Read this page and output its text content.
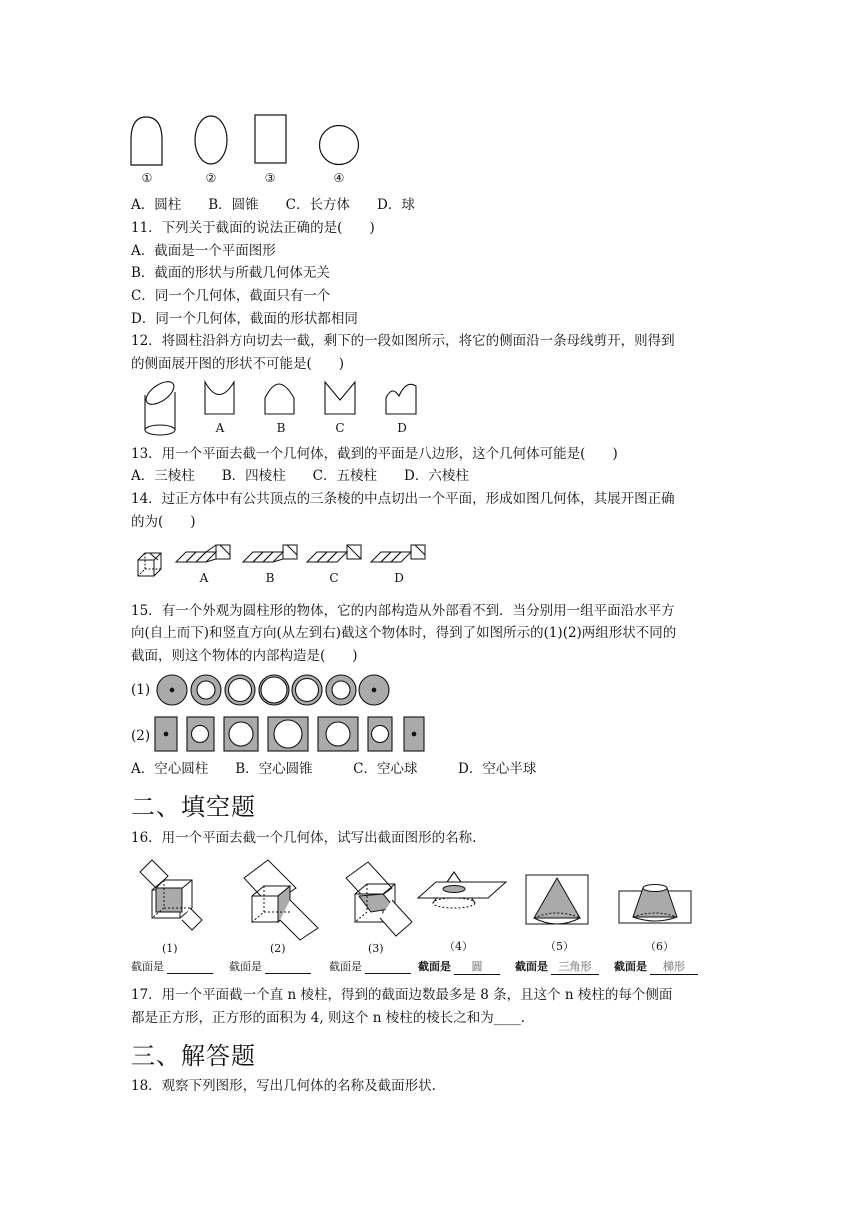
①	②	③	④
A．圆柱　　B．圆锥　　C．长方体　　D．球
11．下列关于截面的说法正确的是(　　)
A．截面是一个平面图形
B．截面的形状与所截几何体无关
C．同一个几何体，截面只有一个
D．同一个几何体，截面的形状都相同
12．将圆柱沿斜方向切去一截，剩下的一段如图所示，将它的侧面沿一条母线剪开，则得到
的侧面展开图的形状不可能是(　　)
A	B	C	D
13．用一个平面去截一个几何体，截到的平面是八边形，这个几何体可能是(　　)
A．三棱柱　　B．四棱柱　　C．五棱柱　　D．六棱柱
14．过正方体中有公共顶点的三条棱的中点切出一个平面，形成如图几何体，其展开图正确
的为(　　)
A	B	C	D
15．有一个外观为圆柱形的物体，它的内部构造从外部看不到．当分别用一组平面沿水平方
向(自上而下)和竖直方向(从左到右)截这个物体时，得到了如图所示的(1)(2)两组形状不同的
截面，则这个物体的内部构造是(　　)
(1)
(2)
A．空心圆柱　　B．空心圆锥　　　C．空心球　　　D．空心半球
二、填空题
16．用一个平面去截一个几何体，试写出截面图形的名称.
(1)	(2)	(3)	（4）	（5）	（6）
截面是	截面是	截面是	截面是 圆	截面是 三角形	截面是 梯形
17．用一个平面截一个直 n 棱柱，得到的截面边数最多是 8 条，且这个 n 棱柱的每个侧面
都是正方形，正方形的面积为 4, 则这个 n 棱柱的棱长之和为____.
三、解答题
18．观察下列图形，写出几何体的名称及截面形状.
